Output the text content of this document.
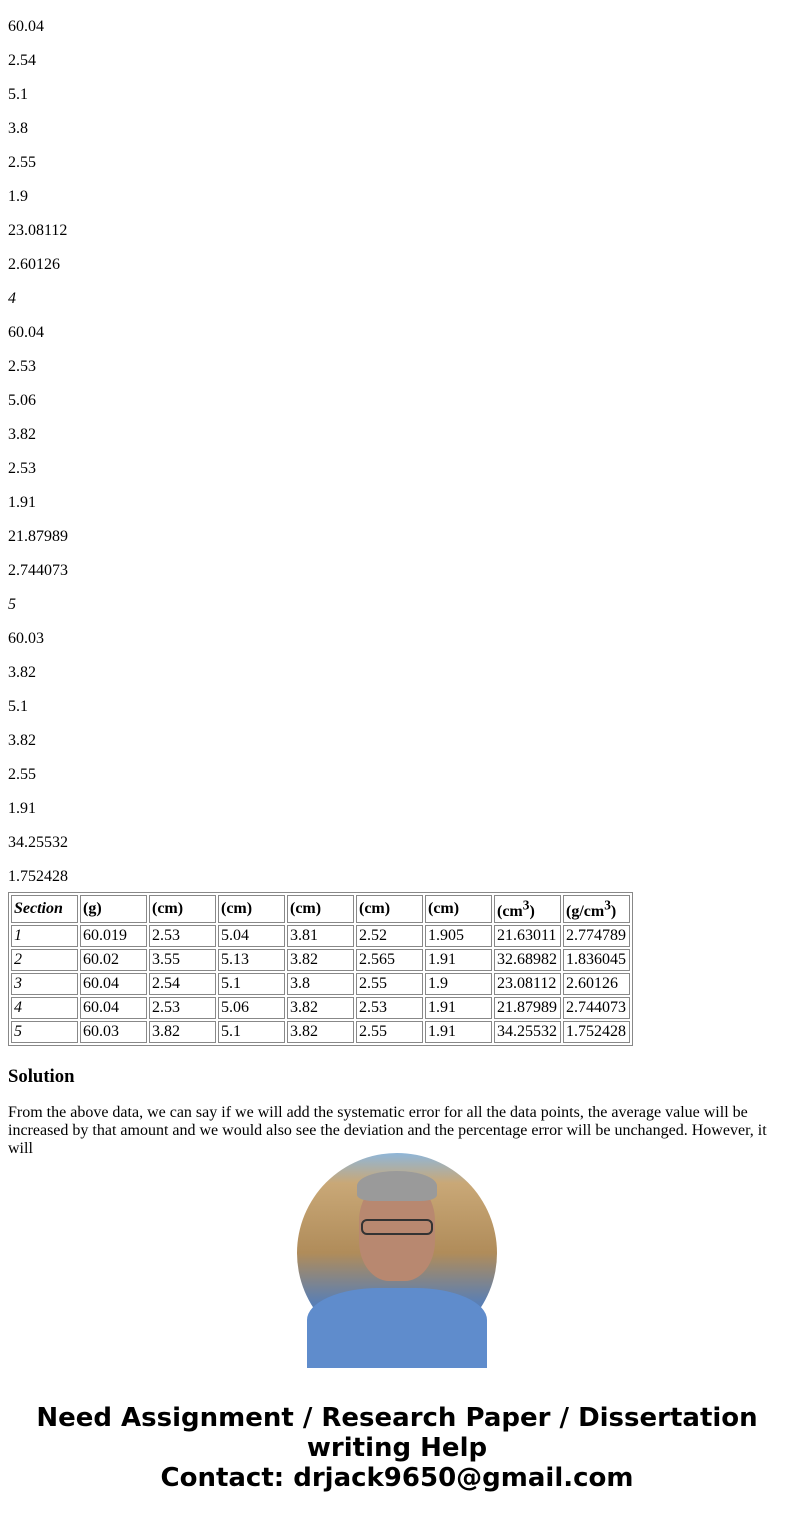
60.04

2.54

5.1

3.8

2.55

1.9

23.08112

2.60126

4

60.04

2.53

5.06

3.82

2.53

1.91

21.87989

2.744073

5

60.03

3.82

5.1

3.82

2.55

1.91

34.25532

1.752428

Section	(g)	(cm)	(cm)	(cm)	(cm)	(cm)	$(cm^3)$	$(g/cm^3)$
1	60.019	2.53	5.04	3.81	2.52	1.905	21.63011	2.774789
2	60.02	3.55	5.13	3.82	2.565	1.91	32.68982	1.836045
3	60.04	2.54	5.1	3.8	2.55	1.9	23.08112	2.60126
4	60.04	2.53	5.06	3.82	2.53	1.91	21.87989	2.744073
5	60.03	3.82	5.1	3.82	2.55	1.91	34.25532	1.752428
Solution

From the above data, we can say if we will add the systematic error for all the data points, the average value will be increased by that amount and we would also see the deviation and the percentage error will be unchanged. However, it will

Need Assignment / Research Paper / Dissertation writing Help
Contact: drjack9650@gmail.com
